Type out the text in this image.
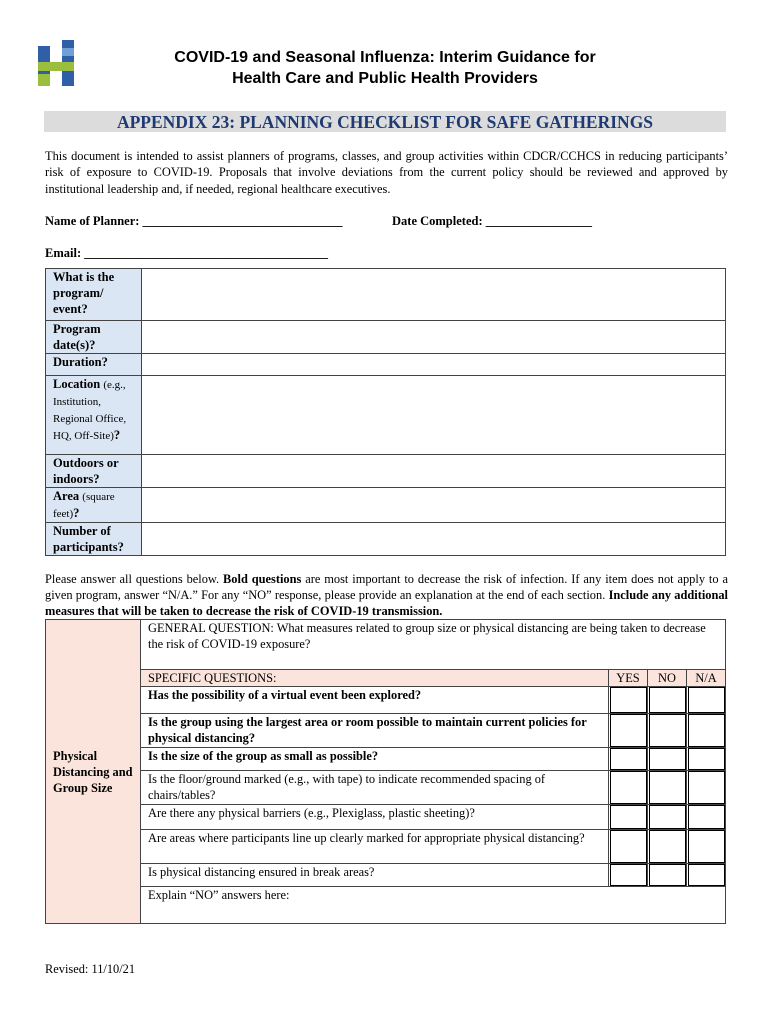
COVID-19 and Seasonal Influenza: Interim Guidance for
Health Care and Public Health Providers
APPENDIX 23: PLANNING CHECKLIST FOR SAFE GATHERINGS
This document is intended to assist planners of programs, classes, and group activities within CDCR/CCHCS in reducing participants’ risk of exposure to COVID-19. Proposals that involve deviations from the current policy should be reviewed and approved by institutional leadership and, if needed, regional healthcare executives.
Name of Planner: ________________________________	Date Completed: _________________
Email: _______________________________________
What is the program/ event?	
Program date(s)?	
Duration?	
Location (e.g., Institution, Regional Office, HQ, Off-Site)?	
Outdoors or indoors?	
Area (square feet)?	
Number of participants?	
Please answer all questions below. Bold questions are most important to decrease the risk of infection. If any item does not apply to a given program, answer “N/A.” For any “NO” response, please provide an explanation at the end of each section. Include any additional measures that will be taken to decrease the risk of COVID-19 transmission.
Physical Distancing and Group Size	GENERAL QUESTION: What measures related to group size or physical distancing are being taken to decrease the risk of COVID-19 exposure?			
	SPECIFIC QUESTIONS:	YES	NO	N/A
	Has the possibility of a virtual event been explored?	

	Is the group using the largest area or room possible to maintain current policies for physical distancing?	

	Is the size of the group as small as possible?	

	Is the floor/ground marked (e.g., with tape) to indicate recommended spacing of chairs/tables?	

	Are there any physical barriers (e.g., Plexiglass, plastic sheeting)?	

	Are areas where participants line up clearly marked for appropriate physical distancing?	

	Is physical distancing ensured in break areas?	

	Explain “NO” answers here:			
Revised: 11/10/21
